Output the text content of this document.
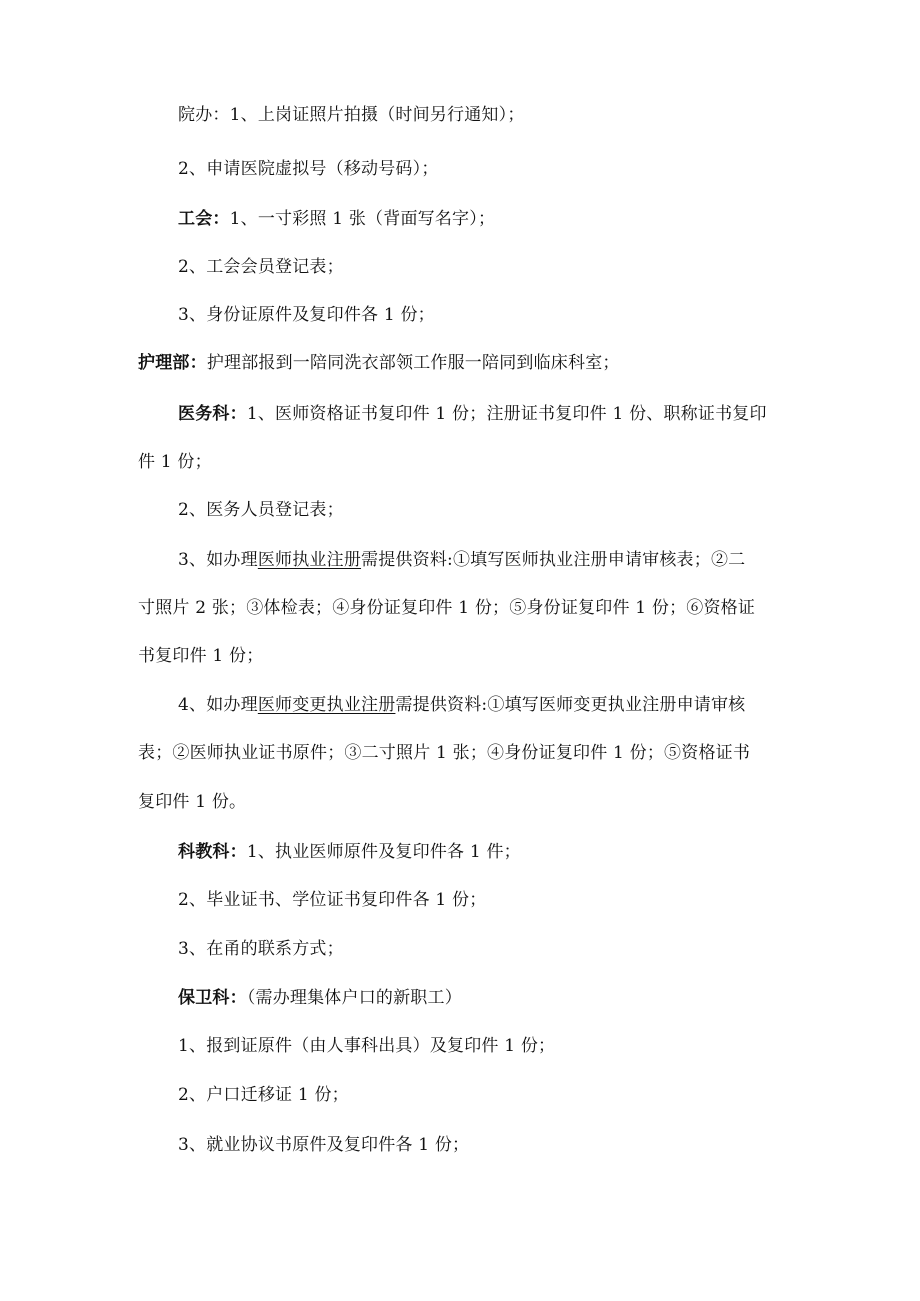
院办：1、上岗证照片拍摄（时间另行通知）；
2、申请医院虚拟号（移动号码）；
工会：1、一寸彩照 1 张（背面写名字）；
2、工会会员登记表；
3、身份证原件及复印件各 1 份；
护理部：护理部报到一陪同洗衣部领工作服一陪同到临床科室；
医务科：1、医师资格证书复印件 1 份；注册证书复印件 1 份、职称证书复印
件 1 份；
2、医务人员登记表；
3、如办理医师执业注册需提供资料:①填写医师执业注册申请审核表；②二
寸照片 2 张；③体检表；④身份证复印件 1 份；⑤身份证复印件 1 份；⑥资格证
书复印件 1 份；
4、如办理医师变更执业注册需提供资料:①填写医师变更执业注册申请审核
表；②医师执业证书原件；③二寸照片 1 张；④身份证复印件 1 份；⑤资格证书
复印件 1 份。
科教科：1、执业医师原件及复印件各 1 件；
2、毕业证书、学位证书复印件各 1 份；
3、在甬的联系方式；
保卫科：（需办理集体户口的新职工）
1、报到证原件（由人事科出具）及复印件 1 份；
2、户口迁移证 1 份；
3、就业协议书原件及复印件各 1 份；
